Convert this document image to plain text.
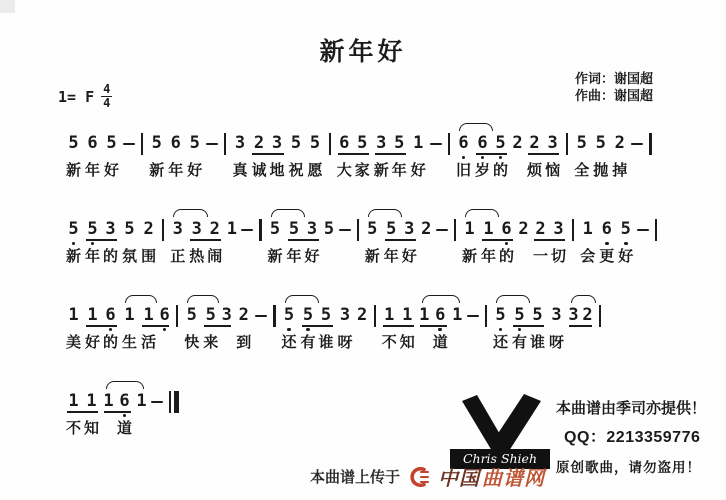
新年好
1= F $\frac{4}{4}$
作词：谢国超
作曲：谢国超
5
新
6
年
5
好
5
新
6
年
5
好
3
真
2
诚
3
地
5
祝
5
愿
6
大
5
家
3
新
5
年
1
好
6
旧
6
岁
5
的
2 2
烦
3
恼
5
全
5
抛
2
掉
5
新
5
年
3
的
5
氛
2
围
3
正
3
热
2
闹
1 5
新
5
年
3
好
5 5
新
5
年
3
好
2 1
新
1
年
6
的
2 2
一
3
切
1
会
6
更
5
好
1
美
1
好
6
的
1
生
1
活
6 5
快
5
来
3 2
到
5
还
5
有
5
谁
3
呀
2 1
不
1
知
1 6
道
1 5
还
5
有
5
谁
3
呀
3 2
1
不
1
知
1 6
道
1
Chris Shieh
本曲谱由季司亦提供！
QQ：2213359776
原创歌曲，请勿盗用！
本曲谱上传于 中国 曲谱网
